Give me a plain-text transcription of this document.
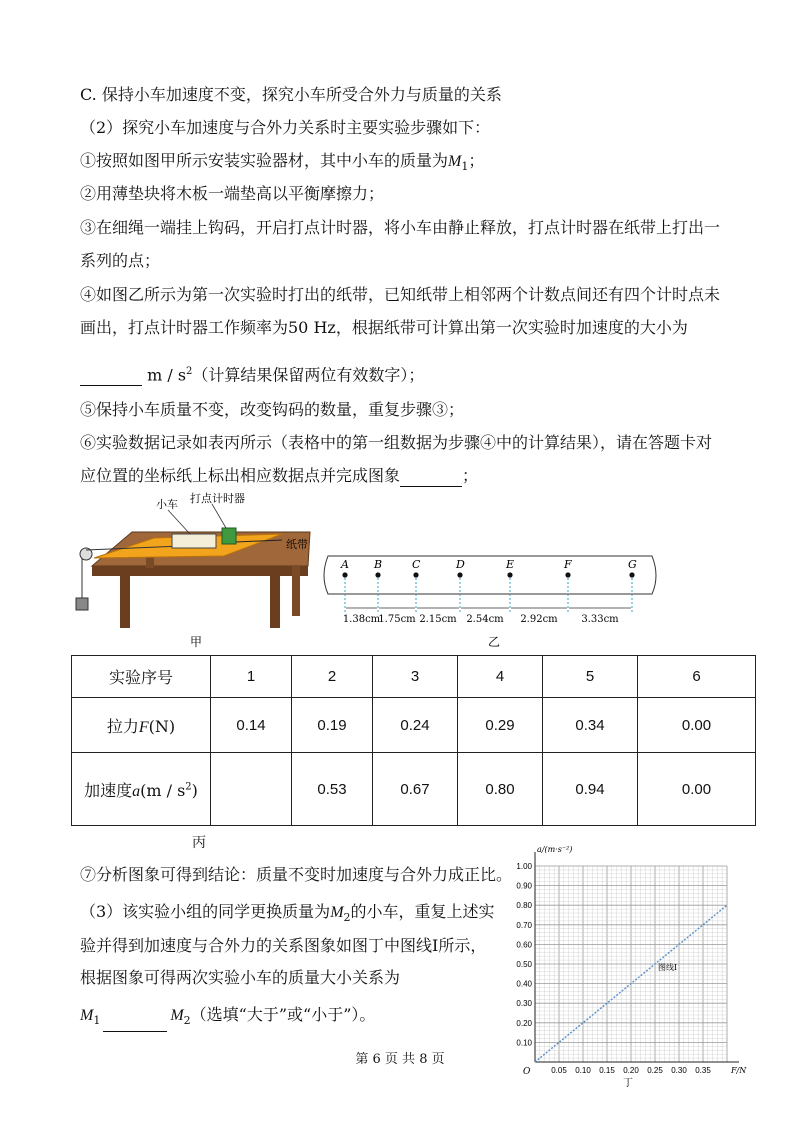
C. 保持小车加速度不变，探究小车所受合外力与质量的关系
（2）探究小车加速度与合外力关系时主要实验步骤如下：
①按照如图甲所示安装实验器材，其中小车的质量为$M_1$；
②用薄垫块将木板一端垫高以平衡摩擦力；
③在细绳一端挂上钩码，开启打点计时器，将小车由静止释放，打点计时器在纸带上打出一
系列的点；
④如图乙所示为第一次实验时打出的纸带，已知纸带上相邻两个计数点间还有四个计时点未
画出，打点计时器工作频率为50 Hz，根据纸带可计算出第一次实验时加速度的大小为
m / $s^2$（计算结果保留两位有效数字）；
⑤保持小车质量不变，改变钩码的数量，重复步骤③；
⑥实验数据记录如表丙所示（表格中的第一组数据为步骤④中的计算结果），请在答题卡对
应位置的坐标纸上标出相应数据点并完成图象	；
小车 打点计时器
纸带
甲
A B	C	D	E	F	G
1.38cm
1.75cm 2.15cm 2.54cm 2.92cm 3.33cm
乙
实验序号	1	2	3	4	5	6
拉力F(N)	0.14	0.19	0.24	0.29	0.34	0.00
加速度$a(m / s^2)$		0.53	0.67	0.80	0.94	0.00
丙
⑦分析图象可得到结论：质量不变时加速度与合外力成正比。
（3）该实验小组的同学更换质量为$M_2$的小车，重复上述实
验并得到加速度与合外力的关系图象如图丁中图线Ⅰ所示，
根据图象可得两次实验小车的质量大小关系为
$M_1$	$M_2$（选填“大于”或“小于”）。
0.05 0.10 0.15 0.20 0.25 0.30 0.35
0.10
0.20
0.30
0.40
0.50
0.60
0.70
0.80
0.90
1.00
O	F/N
a/(m·s⁻²)
图线Ⅰ
丁
第 6 页 共 8 页
